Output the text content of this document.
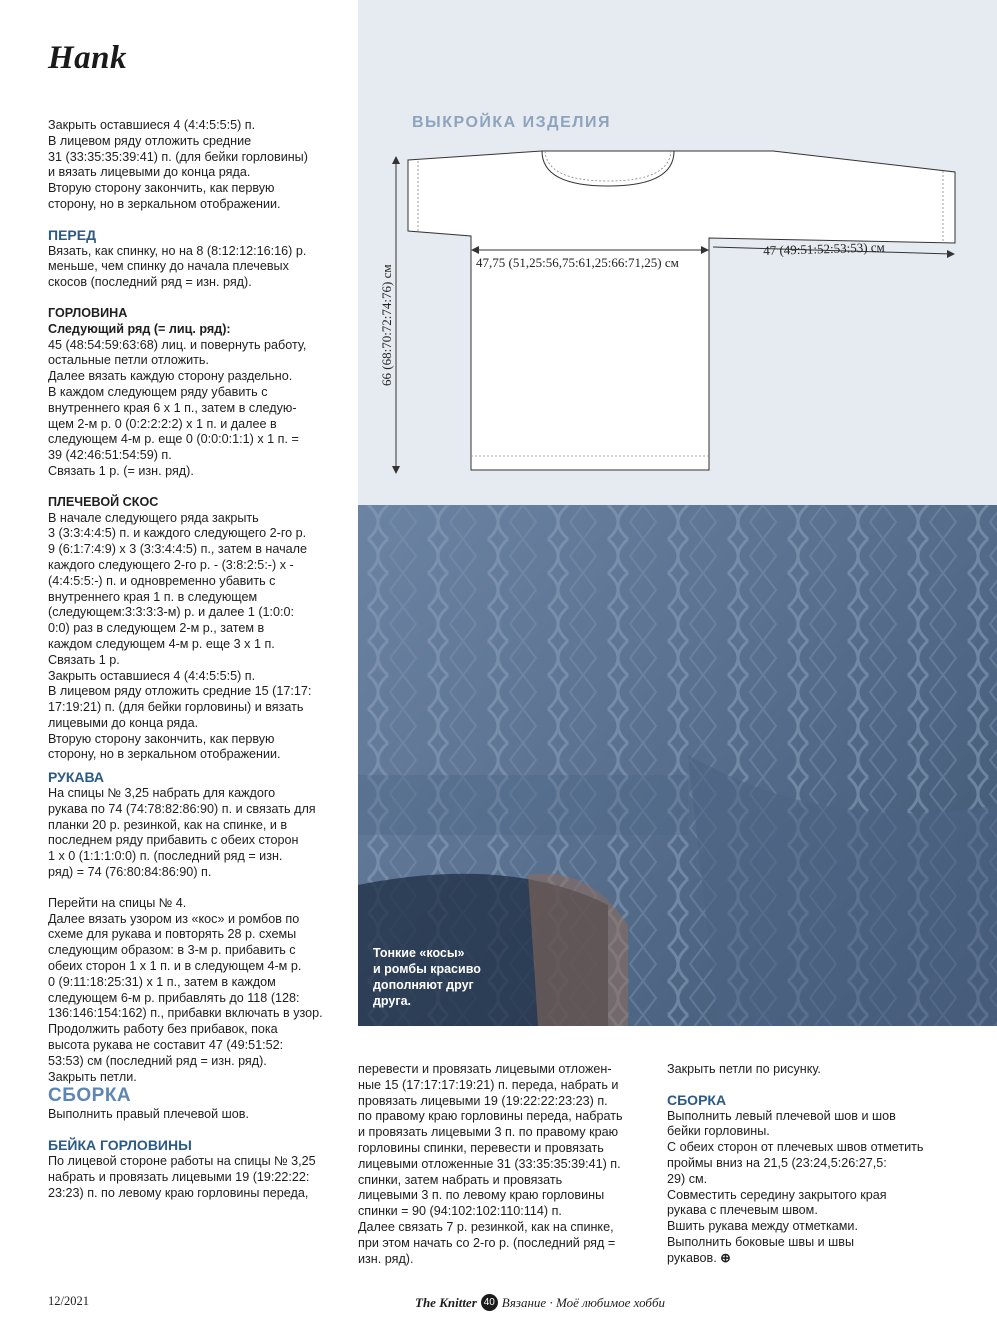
Hank

Закрыть оставшиеся 4 (4:4:5:5:5) п.

В лицевом ряду отложить средние

31 (33:35:35:39:41) п. (для бейки горловины)

и вязать лицевыми до конца ряда.

Вторую сторону закончить, как первую

сторону, но в зеркальном отображении.

ПЕРЕД

Вязать, как спинку, но на 8 (8:12:12:16:16) р.

меньше, чем спинку до начала плечевых

скосов (последний ряд = изн. ряд).

ГОРЛОВИНА

Следующий ряд (= лиц. ряд):

45 (48:54:59:63:68) лиц. и повернуть работу,

остальные петли отложить.

Далее вязать каждую сторону раздельно.

В каждом следующем ряду убавить с

внутреннего края 6 х 1 п., затем в следую-

щем 2-м р. 0 (0:2:2:2:2) х 1 п. и далее в

следующем 4-м р. еще 0 (0:0:0:1:1) х 1 п. =

39 (42:46:51:54:59) п.

Связать 1 р. (= изн. ряд).

ПЛЕЧЕВОЙ СКОС

В начале следующего ряда закрыть

3 (3:3:4:4:5) п. и каждого следующего 2-го р.

9 (6:1:7:4:9) х 3 (3:3:4:4:5) п., затем в начале

каждого следующего 2-го р. - (3:8:2:5:-) х -

(4:4:5:5:-) п. и одновременно убавить с

внутреннего края 1 п. в следующем

(следующем:3:3:3:3-м) р. и далее 1 (1:0:0:

0:0) раз в следующем 2-м р., затем в

каждом следующем 4-м р. еще 3 х 1 п.

Связать 1 р.

Закрыть оставшиеся 4 (4:4:5:5:5) п.

В лицевом ряду отложить средние 15 (17:17:

17:19:21) п. (для бейки горловины) и вязать

лицевыми до конца ряда.

Вторую сторону закончить, как первую

сторону, но в зеркальном отображении.

РУКАВА

На спицы № 3,25 набрать для каждого

рукава по 74 (74:78:82:86:90) п. и связать для

планки 20 р. резинкой, как на спинке, и в

последнем ряду прибавить с обеих сторон

1 х 0 (1:1:1:0:0) п. (последний ряд = изн.

ряд) = 74 (76:80:84:86:90) п.

Перейти на спицы № 4.

Далее вязать узором из «кос» и ромбов по

схеме для рукава и повторять 28 р. схемы

следующим образом: в 3-м р. прибавить с

обеих сторон 1 х 1 п. и в следующем 4-м р.

0 (9:11:18:25:31) х 1 п., затем в каждом

следующем 6-м р. прибавлять до 118 (128:

136:146:154:162) п., прибавки включать в узор.

Продолжить работу без прибавок, пока

высота рукава не составит 47 (49:51:52:

53:53) см (последний ряд = изн. ряд).

Закрыть петли.

СБОРКА

Выполнить правый плечевой шов.

БЕЙКА ГОРЛОВИНЫ

По лицевой стороне работы на спицы № 3,25

набрать и провязать лицевыми 19 (19:22:22:

23:23) п. по левому краю горловины переда,

ВЫКРОЙКА ИЗДЕЛИЯ
47,75 (51,25:56,75:61,25:66:71,25) см
47 (49:51:52:53:53) см
66 (68:70:72:74:76) см
Тонкие «косы»
и ромбы красиво
дополняют друг
друга.

перевести и провязать лицевыми отложен-

ные 15 (17:17:17:19:21) п. переда, набрать и

провязать лицевыми 19 (19:22:22:23:23) п.

по правому краю горловины переда, набрать

и провязать лицевыми 3 п. по правому краю

горловины спинки, перевести и провязать

лицевыми отложенные 31 (33:35:35:39:41) п.

спинки, затем набрать и провязать

лицевыми 3 п. по левому краю горловины

спинки = 90 (94:102:102:110:114) п.

Далее связать 7 р. резинкой, как на спинке,

при этом начать со 2-го р. (последний ряд =

изн. ряд).

Закрыть петли по рисунку.

СБОРКА

Выполнить левый плечевой шов и шов

бейки горловины.

С обеих сторон от плечевых швов отметить

проймы вниз на 21,5 (23:24,5:26:27,5:

29) см.

Совместить середину закрытого края

рукава с плечевым швом.

Вшить рукава между отметками.

Выполнить боковые швы и швы

рукавов. ⊕

12/2021	The Knitter 40 Вязание · Моё любимое хобби
